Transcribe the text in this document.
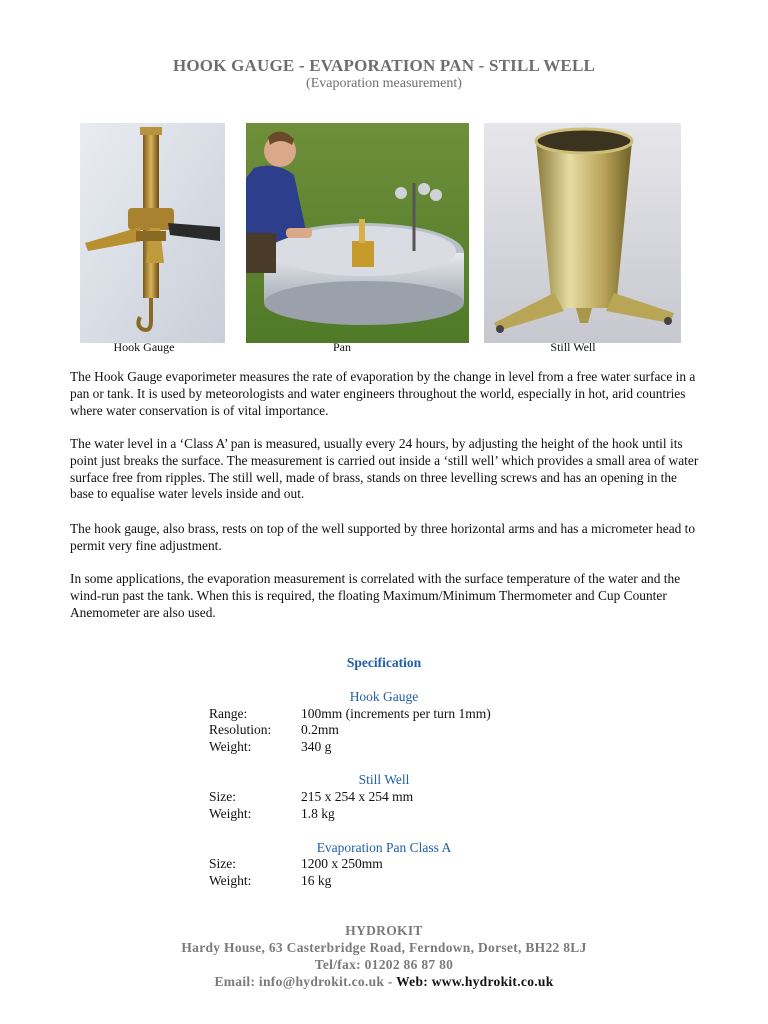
HOOK GAUGE - EVAPORATION PAN - STILL WELL
(Evaporation measurement)
Hook Gauge	Pan	Still Well

The Hook Gauge evaporimeter measures the rate of evaporation by the change in level from a free water surface in a pan or tank. It is used by meteorologists and water engineers throughout the world, especially in hot, arid countries where water conservation is of vital importance.

The water level in a ‘Class A’ pan is measured, usually every 24 hours, by adjusting the height of the hook until its point just breaks the surface. The measurement is carried out inside a ‘still well’ which provides a small area of water surface free from ripples. The still well, made of brass, stands on three levelling screws and has an opening in the base to equalise water levels inside and out.

The hook gauge, also brass, rests on top of the well supported by three horizontal arms and has a micrometer head to permit very fine adjustment.

In some applications, the evaporation measurement is correlated with the surface temperature of the water and the wind-run past the tank. When this is required, the floating Maximum/Minimum Thermometer and Cup Counter Anemometer are also used.

Specification
Hook Gauge
Range:	100mm (increments per turn 1mm)
Resolution:	0.2mm
Weight:	340 g
Still Well
Size:	215 x 254 x 254 mm
Weight:	1.8 kg
Evaporation Pan Class A
Size:	1200 x 250mm
Weight:	16 kg
HYDROKIT
Hardy House, 63 Casterbridge Road, Ferndown, Dorset, BH22 8LJ
Tel/fax: 01202 86 87 80
Email: info@hydrokit.co.uk - Web: www.hydrokit.co.uk
